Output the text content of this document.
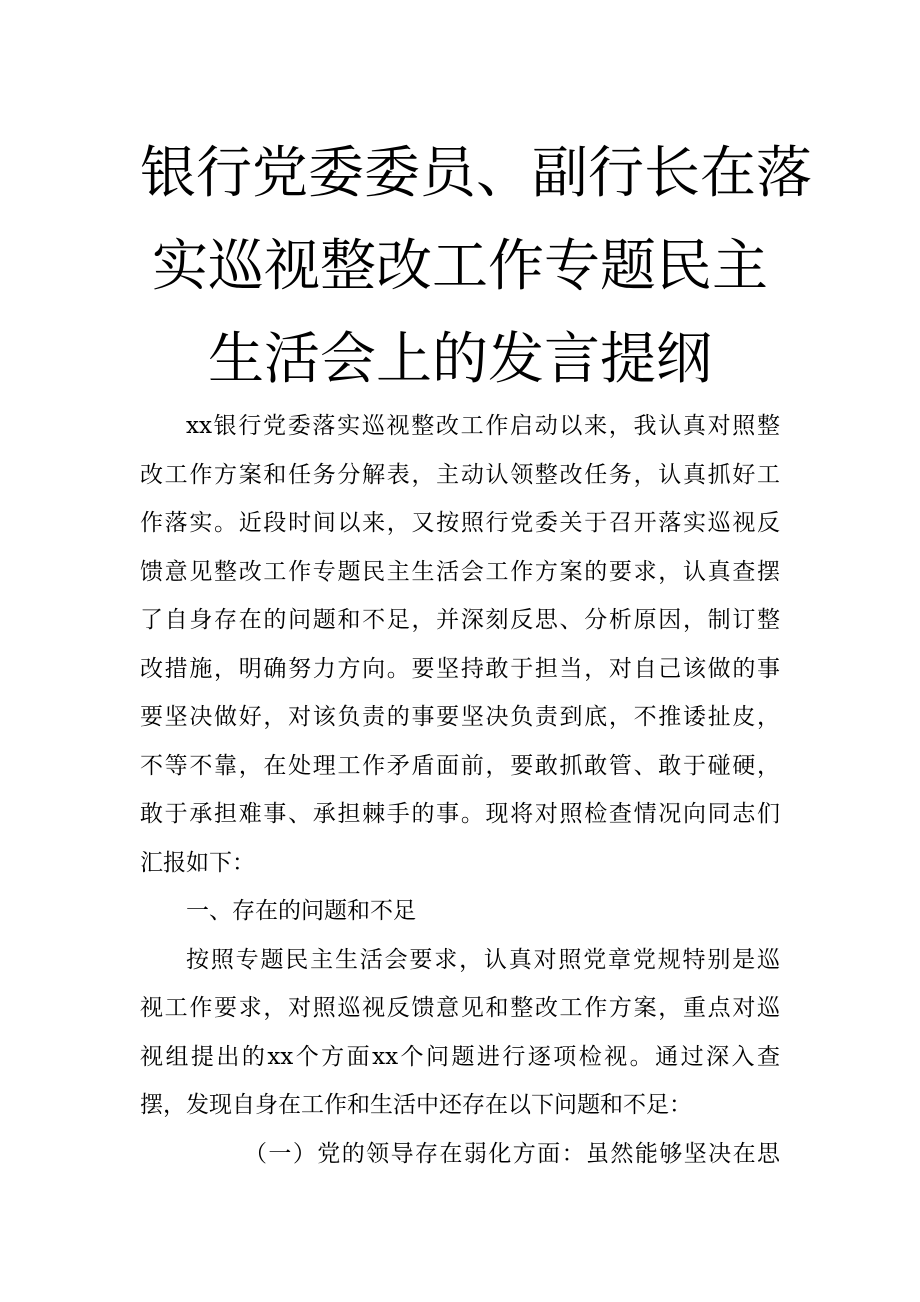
银行党委委员、副行长在落
实巡视整改工作专题民主
生活会上的发言提纲
xx银行党委落实巡视整改工作启动以来，我认真对照整
改工作方案和任务分解表，主动认领整改任务，认真抓好工
作落实。近段时间以来，又按照行党委关于召开落实巡视反
馈意见整改工作专题民主生活会工作方案的要求，认真查摆
了自身存在的问题和不足，并深刻反思、分析原因，制订整
改措施，明确努力方向。要坚持敢于担当，对自己该做的事
要坚决做好，对该负责的事要坚决负责到底，不推诿扯皮，
不等不靠，在处理工作矛盾面前，要敢抓敢管、敢于碰硬，
敢于承担难事、承担棘手的事。现将对照检查情况向同志们
汇报如下：
一、存在的问题和不足
按照专题民主生活会要求，认真对照党章党规特别是巡
视工作要求，对照巡视反馈意见和整改工作方案，重点对巡
视组提出的xx个方面xx个问题进行逐项检视。通过深入查
摆，发现自身在工作和生活中还存在以下问题和不足：
（一）党的领导存在弱化方面：虽然能够坚决在思
